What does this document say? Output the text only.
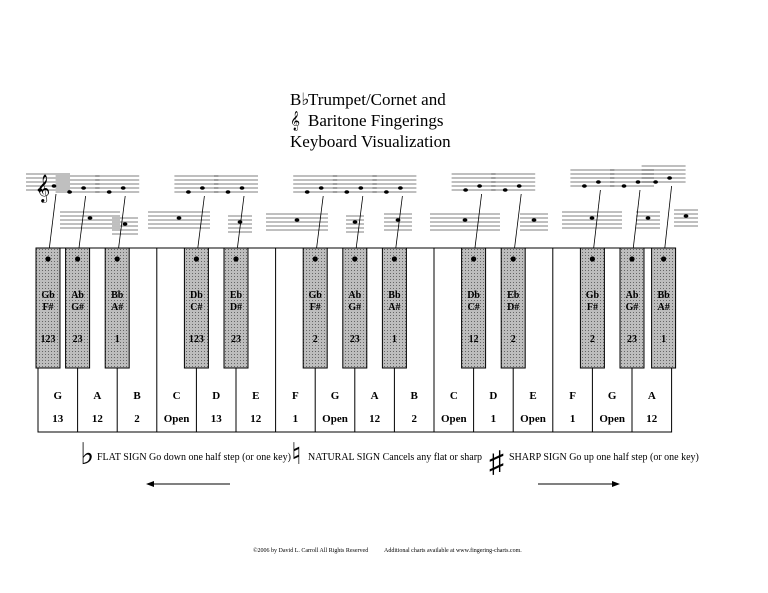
B♭Trumpet/Cornet and
𝄞 Baritone Fingerings
Keyboard Visualization
𝄞
G
13
A
12
B
2
C
Open
D
13
E
12
F
1
G
Open
A
12
B
2
C
Open
D
1
E
Open
F
1
G
Open
A
12
Gb
F#
123
Ab
G#
23
Bb
A#
1
Db
C#
123
Eb
D#
23
Gb
F#
2
Ab
G#
23
Bb
A#
1
Db
C#
12
Eb
D#
2
Gb
F#
2
Ab
G#
23
Bb
A#
1
♭ FLAT SIGN Go down one half step (or one key) ♮ NATURAL SIGN Cancels any flat or sharp ♯ SHARP SIGN Go up one half step (or one key)
©2006 by David L. Carroll All Rights Reserved	Additional charts available at www.fingering-charts.com.
